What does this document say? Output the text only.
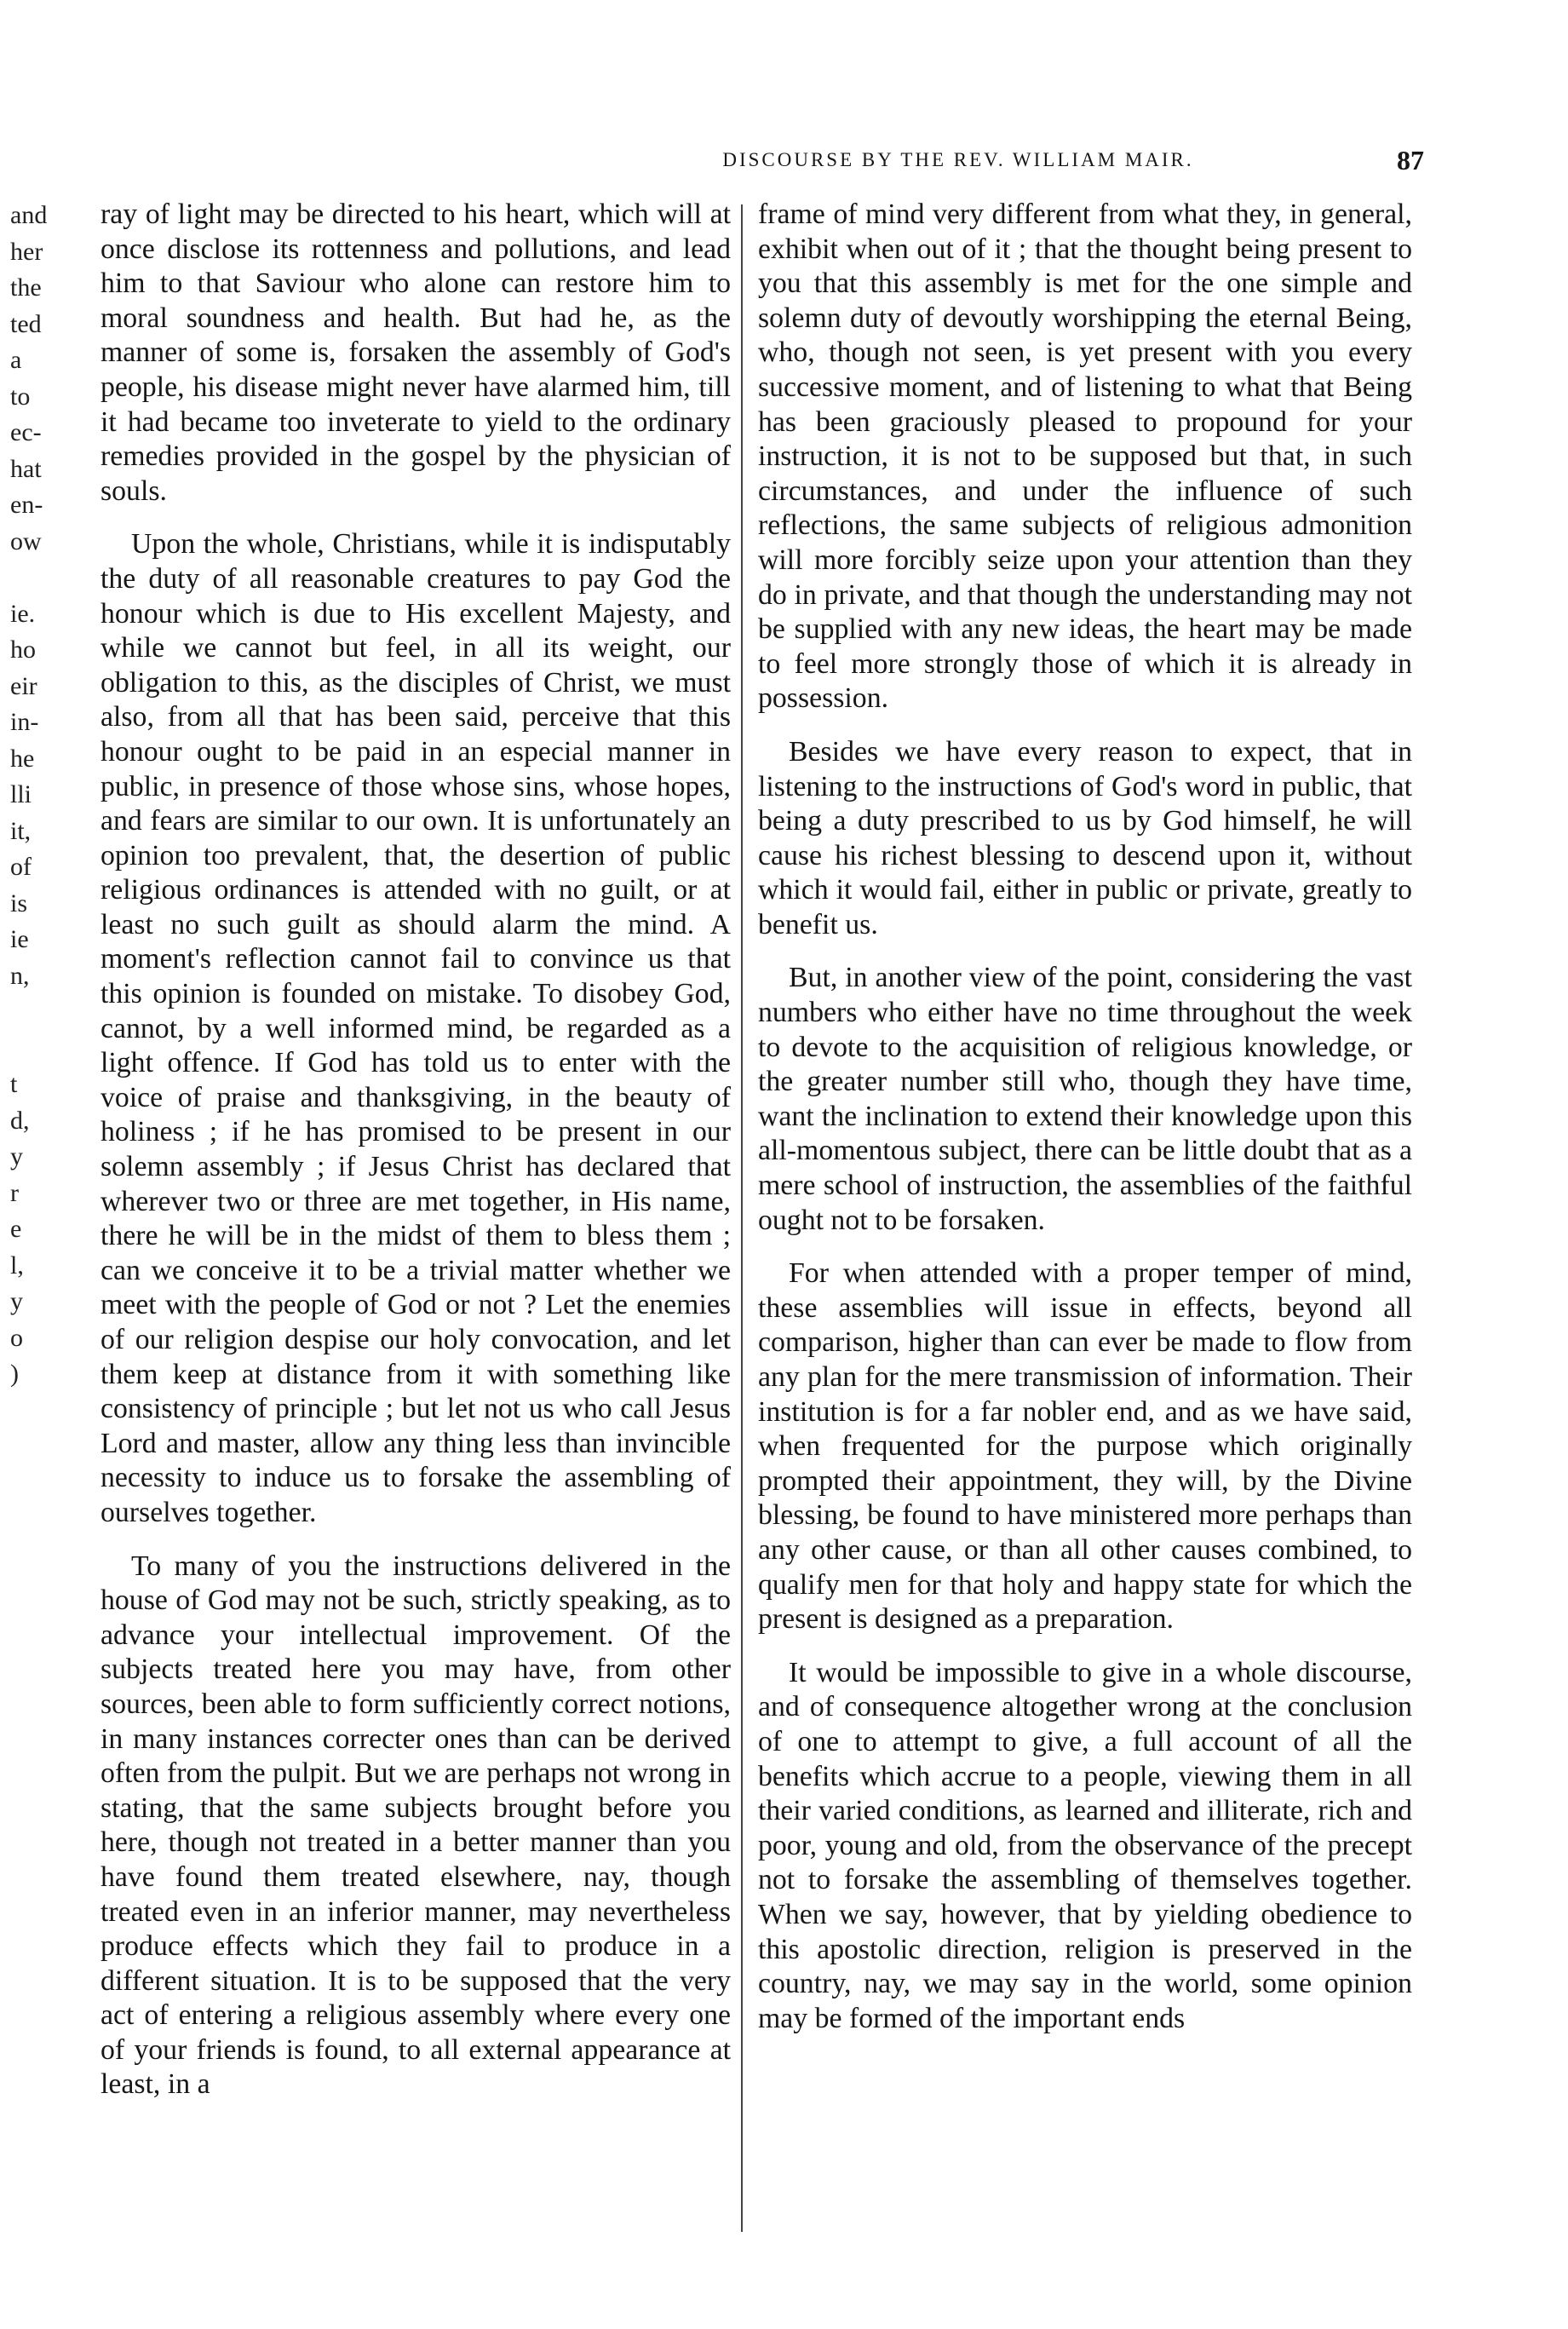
DISCOURSE BY THE REV. WILLIAM MAIR.	87
and
her
the
ted
a
to
ec-
hat
en-
ow
ie.
ho
eir
in-
he
lli
it,
of
is
ie
n,
t
d,
y
r
e
l,
y
o
)

ray of light may be directed to his heart, which will at once disclose its rottenness and pollutions, and lead him to that Saviour who alone can restore him to moral soundness and health. But had he, as the manner of some is, forsaken the assembly of God's people, his disease might never have alarmed him, till it had became too inveterate to yield to the ordinary remedies provided in the gospel by the physician of souls.

Upon the whole, Christians, while it is indisputably the duty of all reasonable creatures to pay God the honour which is due to His excellent Majesty, and while we cannot but feel, in all its weight, our obligation to this, as the disciples of Christ, we must also, from all that has been said, perceive that this honour ought to be paid in an especial manner in public, in presence of those whose sins, whose hopes, and fears are similar to our own. It is unfortunately an opinion too prevalent, that, the desertion of public religious ordinances is attended with no guilt, or at least no such guilt as should alarm the mind. A moment's reflection cannot fail to convince us that this opinion is founded on mistake. To disobey God, cannot, by a well informed mind, be regarded as a light offence. If God has told us to enter with the voice of praise and thanksgiving, in the beauty of holiness ; if he has promised to be present in our solemn assembly ; if Jesus Christ has declared that wherever two or three are met together, in His name, there he will be in the midst of them to bless them ; can we conceive it to be a trivial matter whether we meet with the people of God or not ? Let the enemies of our religion despise our holy convocation, and let them keep at distance from it with something like consistency of principle ; but let not us who call Jesus Lord and master, allow any thing less than invincible necessity to induce us to forsake the assembling of ourselves together.

To many of you the instructions delivered in the house of God may not be such, strictly speaking, as to advance your intellectual improvement. Of the subjects treated here you may have, from other sources, been able to form sufficiently correct notions, in many instances correcter ones than can be derived often from the pulpit. But we are perhaps not wrong in stating, that the same subjects brought before you here, though not treated in a better manner than you have found them treated elsewhere, nay, though treated even in an inferior manner, may nevertheless produce effects which they fail to produce in a different situation. It is to be supposed that the very act of entering a religious assembly where every one of your friends is found, to all external appearance at least, in a

frame of mind very different from what they, in general, exhibit when out of it ; that the thought being present to you that this assembly is met for the one simple and solemn duty of devoutly worshipping the eternal Being, who, though not seen, is yet present with you every successive moment, and of listening to what that Being has been graciously pleased to propound for your instruction, it is not to be supposed but that, in such circumstances, and under the influence of such reflections, the same subjects of religious admonition will more forcibly seize upon your attention than they do in private, and that though the understanding may not be supplied with any new ideas, the heart may be made to feel more strongly those of which it is already in possession.

Besides we have every reason to expect, that in listening to the instructions of God's word in public, that being a duty prescribed to us by God himself, he will cause his richest blessing to descend upon it, without which it would fail, either in public or private, greatly to benefit us.

But, in another view of the point, considering the vast numbers who either have no time throughout the week to devote to the acquisition of religious knowledge, or the greater number still who, though they have time, want the inclination to extend their knowledge upon this all-momentous subject, there can be little doubt that as a mere school of instruction, the assemblies of the faithful ought not to be forsaken.

For when attended with a proper temper of mind, these assemblies will issue in effects, beyond all comparison, higher than can ever be made to flow from any plan for the mere transmission of information. Their institution is for a far nobler end, and as we have said, when frequented for the purpose which originally prompted their appointment, they will, by the Divine blessing, be found to have ministered more perhaps than any other cause, or than all other causes combined, to qualify men for that holy and happy state for which the present is designed as a preparation.

It would be impossible to give in a whole discourse, and of consequence altogether wrong at the conclusion of one to attempt to give, a full account of all the benefits which accrue to a people, viewing them in all their varied conditions, as learned and illiterate, rich and poor, young and old, from the observance of the precept not to forsake the assembling of themselves together. When we say, however, that by yielding obedience to this apostolic direction, religion is preserved in the country, nay, we may say in the world, some opinion may be formed of the important ends
